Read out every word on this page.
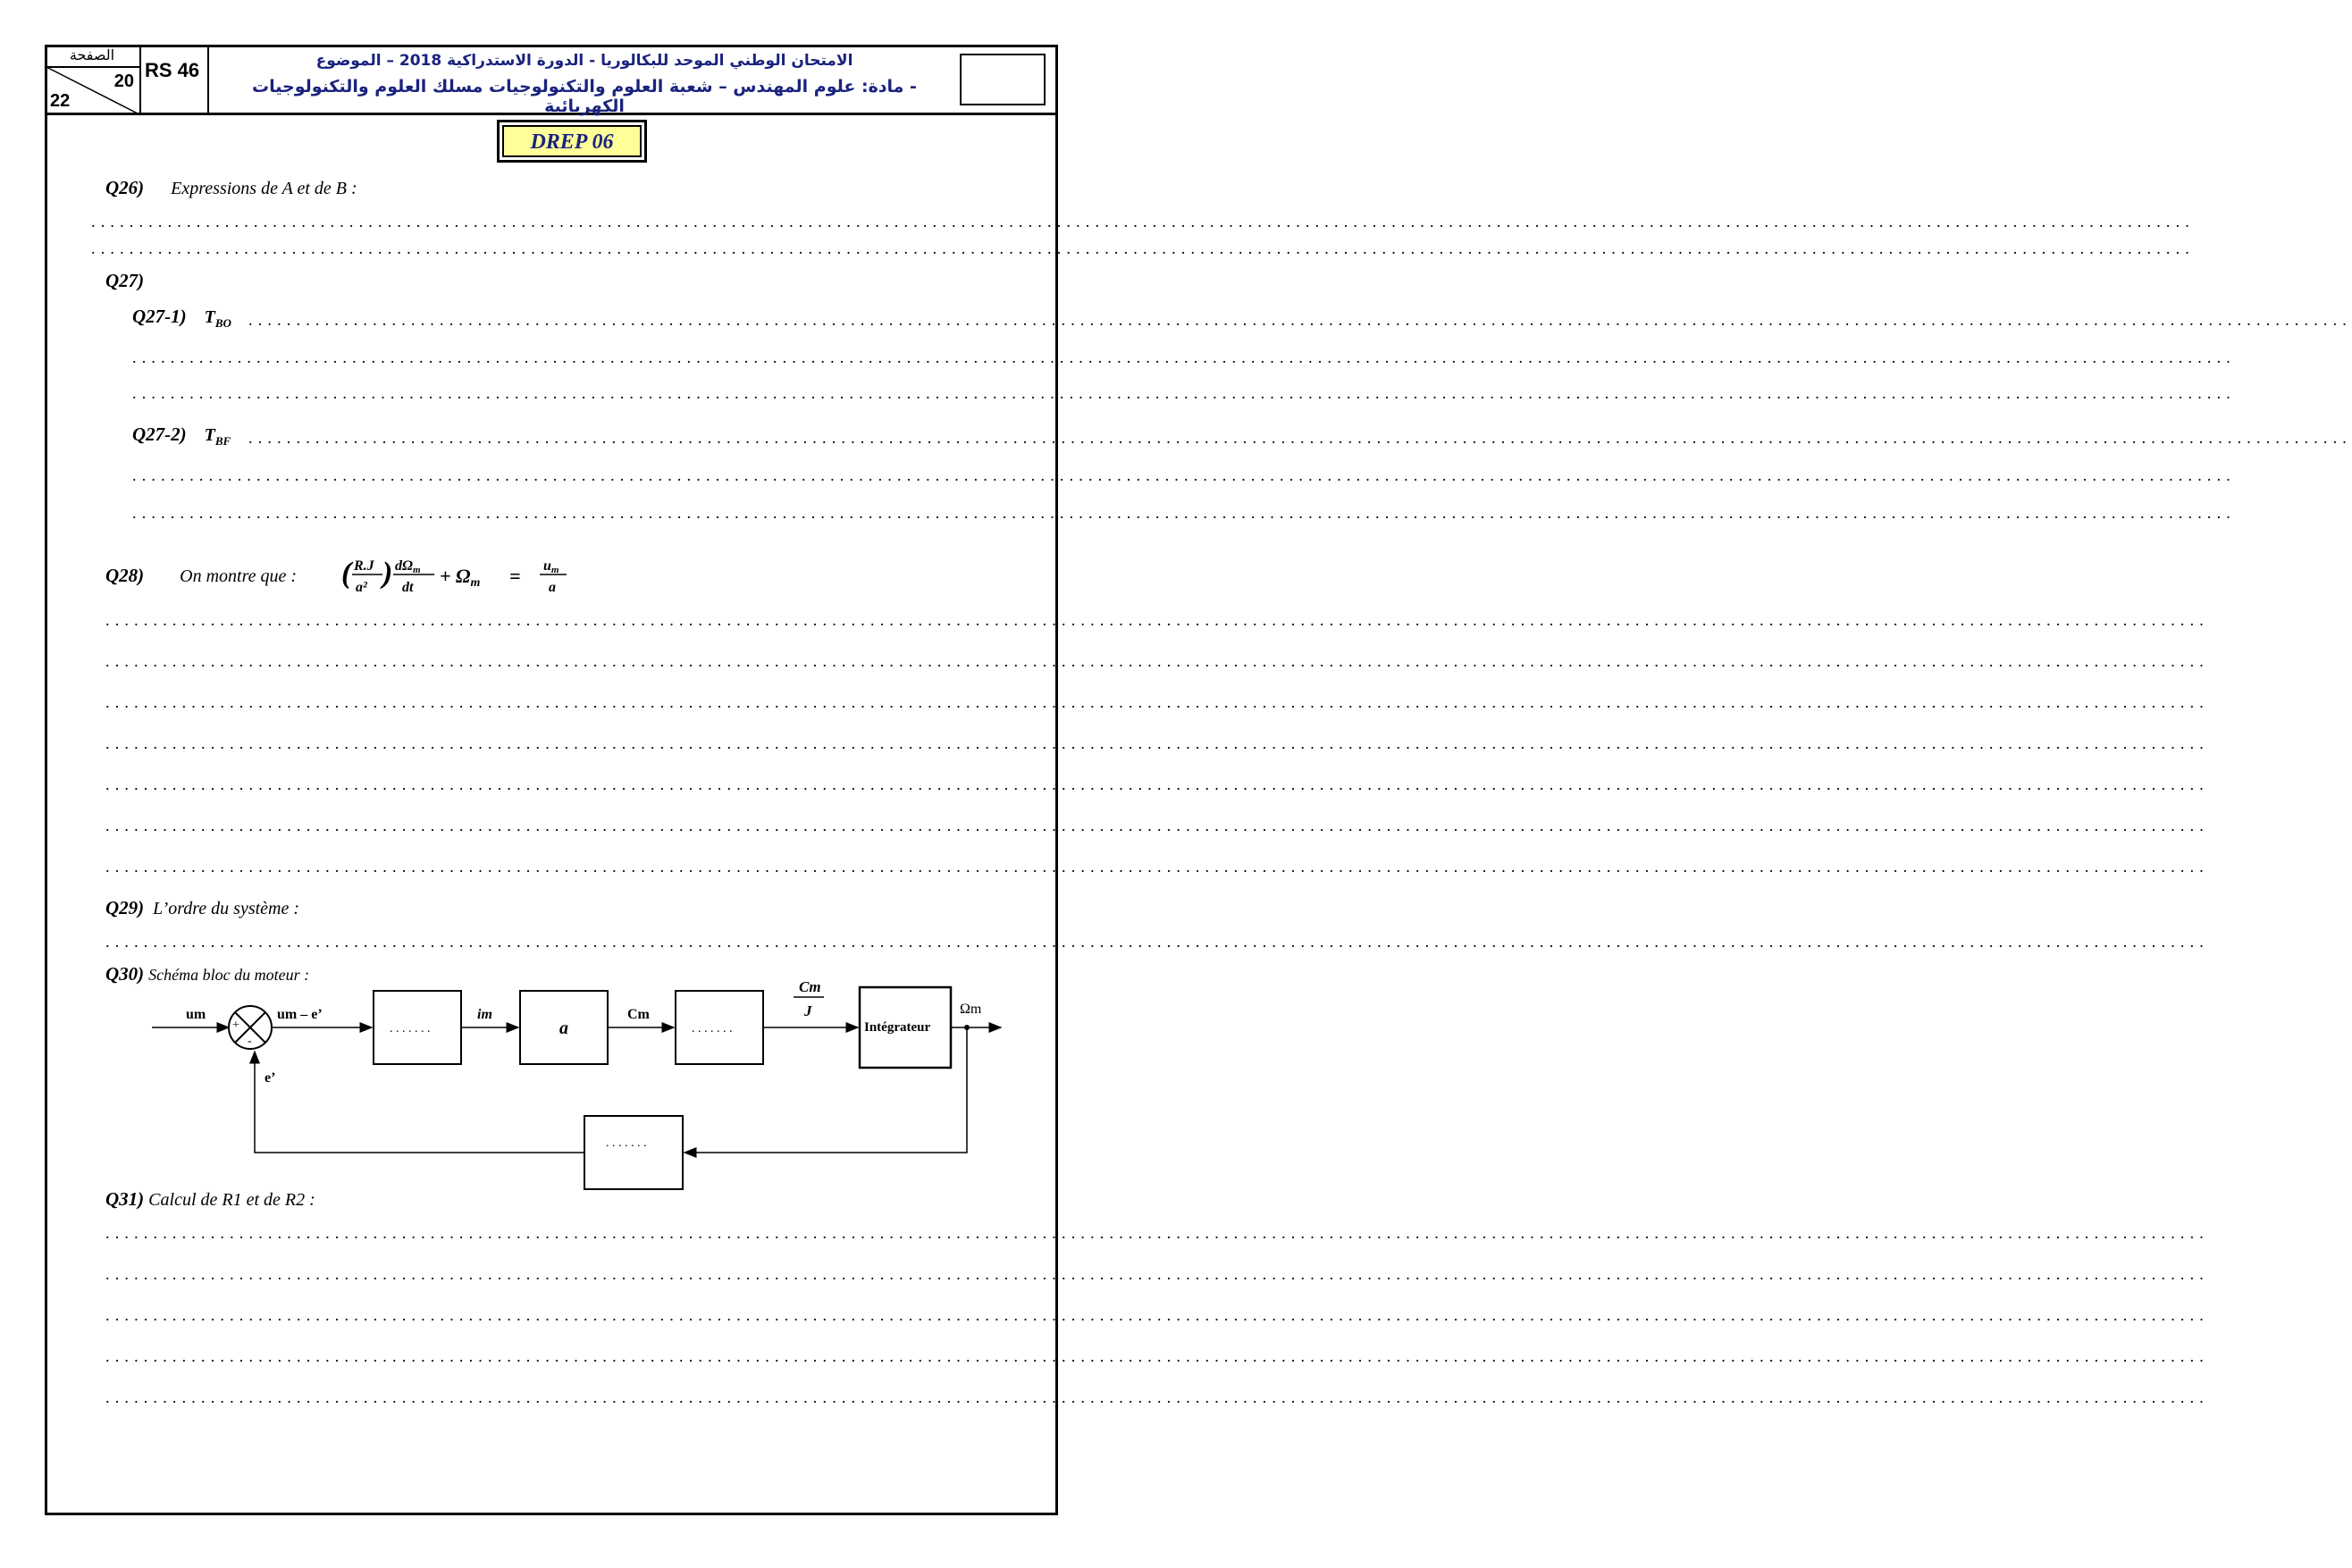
الصفحة
20
22
RS 46	الامتحان الوطني الموحد للبكالوريا - الدورة الاستدراكية 2018 – الموضوع
- مادة: علوم المهندس – شعبة العلوم والتكنولوجيات مسلك العلوم والتكنولوجيات الكهربائية
DREP 06
Q26) Expressions de A et de B :
............................................................................................................................................................................................................................
............................................................................................................................................................................................................................
Q27)
Q27-1) $T_{BO}$ ............................................................................................................................................................................................................................
............................................................................................................................................................................................................................
............................................................................................................................................................................................................................
Q27-2) $T_{BF}$ ............................................................................................................................................................................................................................
............................................................................................................................................................................................................................
............................................................................................................................................................................................................................
Q28) On montre que : ( R.J
a² ) dΩm
dt
+ Ωm = um
a
............................................................................................................................................................................................................................
............................................................................................................................................................................................................................
............................................................................................................................................................................................................................
............................................................................................................................................................................................................................
............................................................................................................................................................................................................................
............................................................................................................................................................................................................................
............................................................................................................................................................................................................................
Q29) L’ordre du système :
............................................................................................................................................................................................................................
Q30) Schéma bloc du moteur :
um
+
-
um – e’
. . . . . . .
im
a
Cm
. . . . . . .
Cm
J
Intégrateur
Ωm
. . . . . . .
e’
Q31) Calcul de R1 et de R2 :
............................................................................................................................................................................................................................
............................................................................................................................................................................................................................
............................................................................................................................................................................................................................
............................................................................................................................................................................................................................
............................................................................................................................................................................................................................
